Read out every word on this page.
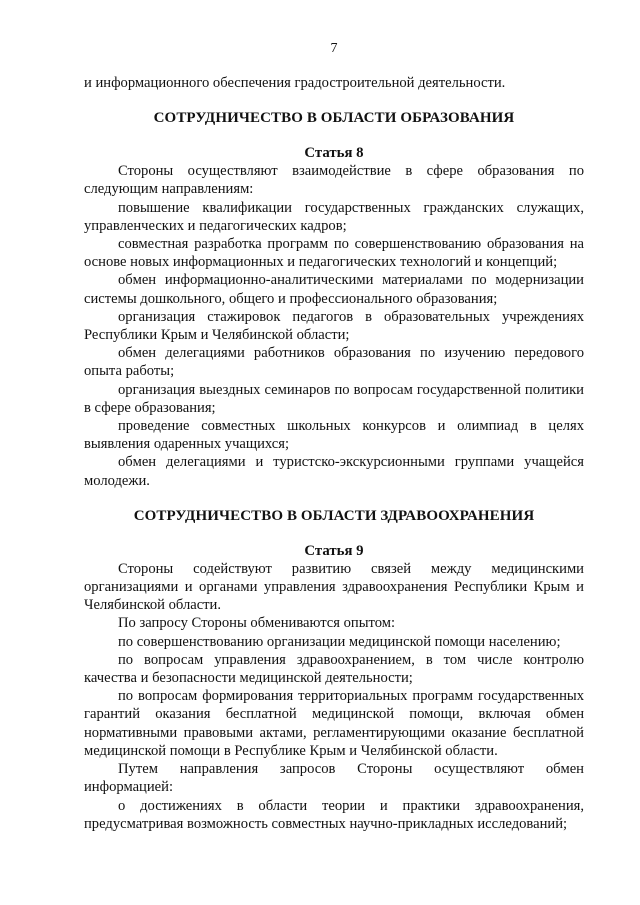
7

и информационного обеспечения градостроительной деятельности.

СОТРУДНИЧЕСТВО В ОБЛАСТИ ОБРАЗОВАНИЯ
Статья 8

Стороны осуществляют взаимодействие в сфере образования по следующим направлениям:

повышение квалификации государственных гражданских служащих, управленческих и педагогических кадров;

совместная разработка программ по совершенствованию образования на основе новых информационных и педагогических технологий и концепций;

обмен информационно-аналитическими материалами по модернизации системы дошкольного, общего и профессионального образования;

организация стажировок педагогов в образовательных учреждениях Республики Крым и Челябинской области;

обмен делегациями работников образования по изучению передового опыта работы;

организация выездных семинаров по вопросам государственной политики в сфере образования;

проведение совместных школьных конкурсов и олимпиад в целях выявления одаренных учащихся;

обмен делегациями и туристско-экскурсионными группами учащейся молодежи.

СОТРУДНИЧЕСТВО В ОБЛАСТИ ЗДРАВООХРАНЕНИЯ
Статья 9

Стороны содействуют развитию связей между медицинскими организациями и органами управления здравоохранения Республики Крым и Челябинской области.

По запросу Стороны обмениваются опытом:

по совершенствованию организации медицинской помощи населению;

по вопросам управления здравоохранением, в том числе контролю качества и безопасности медицинской деятельности;

по вопросам формирования территориальных программ государственных гарантий оказания бесплатной медицинской помощи, включая обмен нормативными правовыми актами, регламентирующими оказание бесплатной медицинской помощи в Республике Крым и Челябинской области.

Путем направления запросов Стороны осуществляют обмен информацией:

о достижениях в области теории и практики здравоохранения, предусматривая возможность совместных научно-прикладных исследований;
